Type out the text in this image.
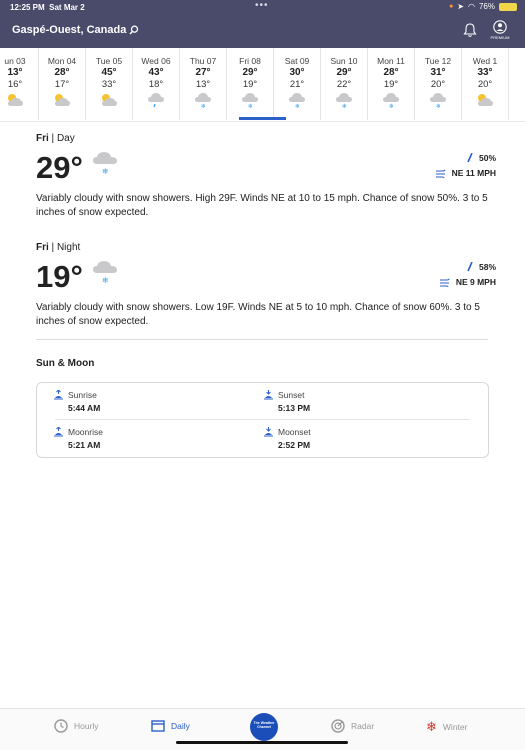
12:25 PM Sat Mar 2	•••	● ➤ ◠ 76%
Gaspé-Ouest, Canada
PREMIUM
un 03
13°
16°
Mon 04
28°
17°
Tue 05
45°
33°
Wed 06
43°
18°
Thu 07
27°
13°
❄
Fri 08
29°
19°
❄
Sat 09
30°
21°
❄
Sun 10
29°
22°
❄
Mon 11
28°
19°
❄
Tue 12
31°
20°
❄
Wed 1
33°
20°
Fri | Day
29° ❄
50%
NE 11 MPH
Variably cloudy with snow showers. High 29F. Winds NE at 10 to 15 mph. Chance of snow 50%. 3 to 5 inches of snow expected.
Fri | Night
19° ❄
58%
NE 9 MPH
Variably cloudy with snow showers. Low 19F. Winds NE at 5 to 10 mph. Chance of snow 60%. 3 to 5 inches of snow expected.
Sun & Moon
Sunrise
5:44 AM
Sunset
5:13 PM
Moonrise
5:21 AM
Moonset
2:52 PM
Hourly	Daily	The Weather Channel	Radar	❄ Winter
